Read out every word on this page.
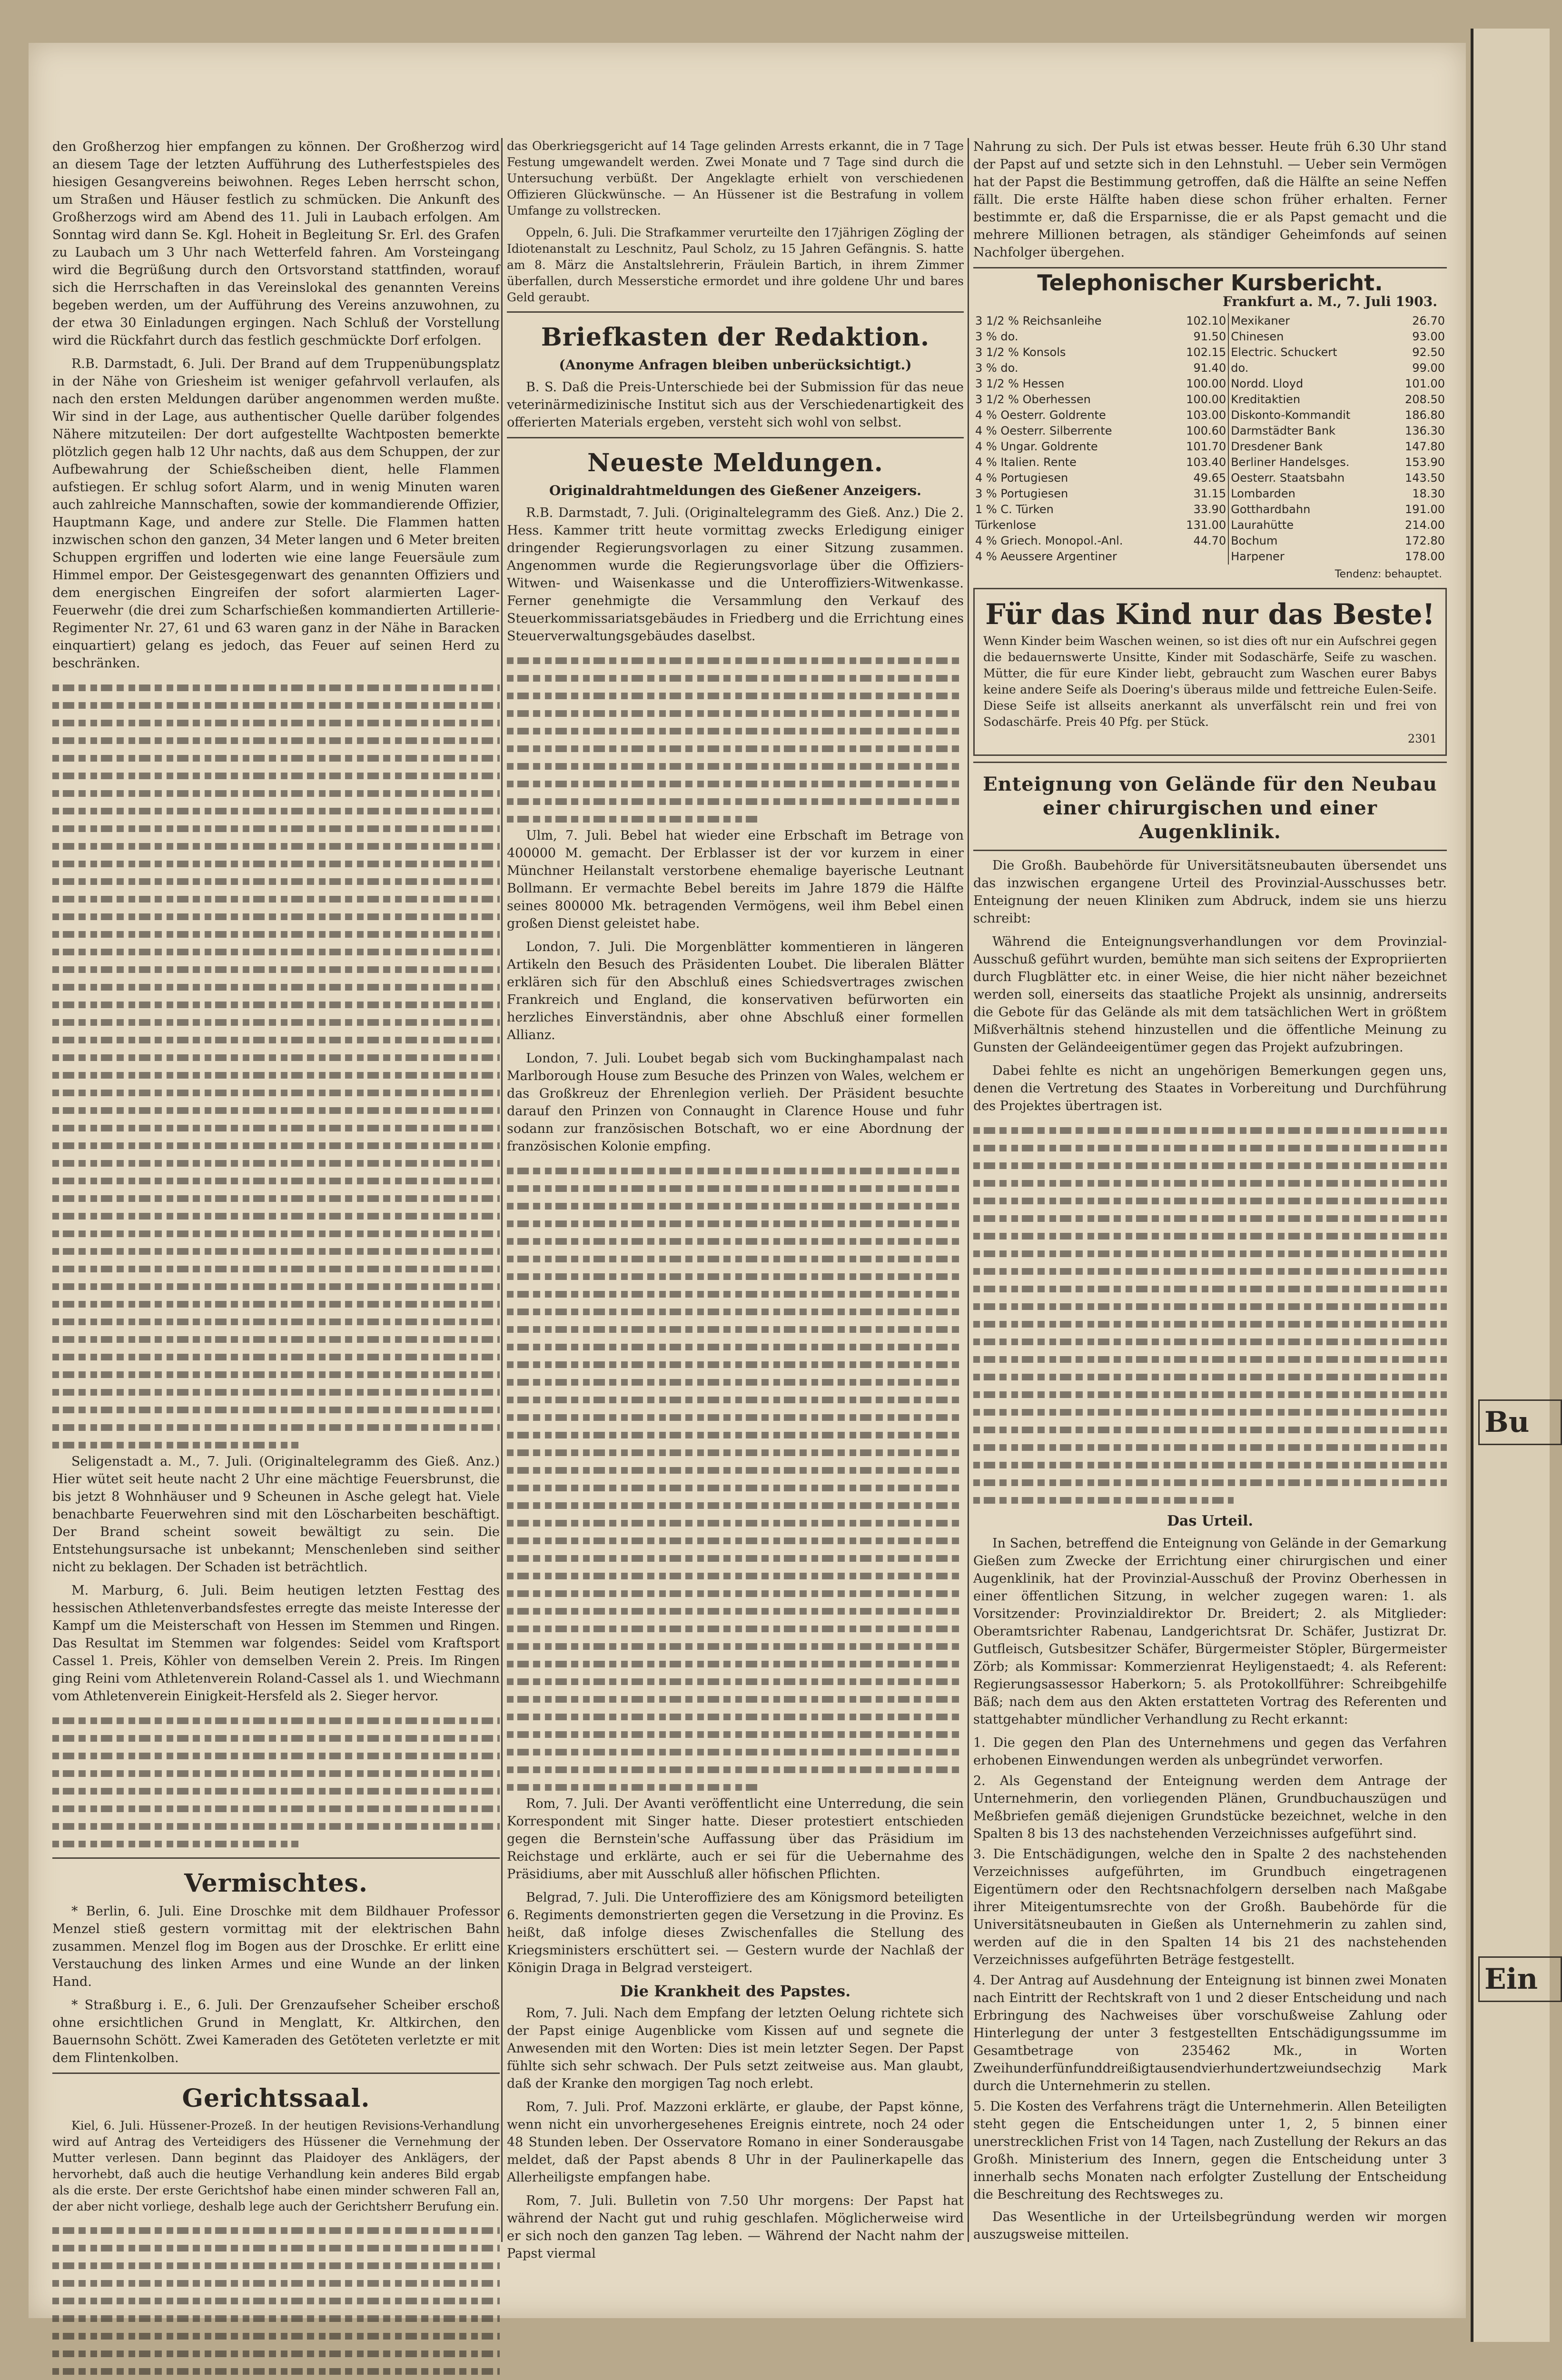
Bu
Ein

den Großherzog hier empfangen zu können. Der Großherzog wird an diesem Tage der letzten Aufführung des Lutherfestspieles des hiesigen Gesangvereins beiwohnen. Reges Leben herrscht schon, um Straßen und Häuser festlich zu schmücken. Die Ankunft des Großherzogs wird am Abend des 11. Juli in Laubach erfolgen. Am Sonntag wird dann Se. Kgl. Hoheit in Begleitung Sr. Erl. des Grafen zu Laubach um 3 Uhr nach Wetterfeld fahren. Am Vorsteingang wird die Begrüßung durch den Ortsvorstand stattfinden, worauf sich die Herrschaften in das Vereinslokal des genannten Vereins begeben werden, um der Aufführung des Vereins anzuwohnen, zu der etwa 30 Einladungen ergingen. Nach Schluß der Vorstellung wird die Rückfahrt durch das festlich geschmückte Dorf erfolgen.

R.B. Darmstadt, 6. Juli. Der Brand auf dem Truppenübungsplatz in der Nähe von Griesheim ist weniger gefahrvoll verlaufen, als nach den ersten Meldungen darüber angenommen werden mußte. Wir sind in der Lage, aus authentischer Quelle darüber folgendes Nähere mitzuteilen: Der dort aufgestellte Wachtposten bemerkte plötzlich gegen halb 12 Uhr nachts, daß aus dem Schuppen, der zur Aufbewahrung der Schießscheiben dient, helle Flammen aufstiegen. Er schlug sofort Alarm, und in wenig Minuten waren auch zahlreiche Mannschaften, sowie der kommandierende Offizier, Hauptmann Kage, und andere zur Stelle. Die Flammen hatten inzwischen schon den ganzen, 34 Meter langen und 6 Meter breiten Schuppen ergriffen und loderten wie eine lange Feuersäule zum Himmel empor. Der Geistesgegenwart des genannten Offiziers und dem energischen Eingreifen der sofort alarmierten Lager-Feuerwehr (die drei zum Scharfschießen kommandierten Artillerie-Regimenter Nr. 27, 61 und 63 waren ganz in der Nähe in Baracken einquartiert) gelang es jedoch, das Feuer auf seinen Herd zu beschränken.

Seligenstadt a. M., 7. Juli. (Originaltelegramm des Gieß. Anz.) Hier wütet seit heute nacht 2 Uhr eine mächtige Feuersbrunst, die bis jetzt 8 Wohnhäuser und 9 Scheunen in Asche gelegt hat. Viele benachbarte Feuerwehren sind mit den Löscharbeiten beschäftigt. Der Brand scheint soweit bewältigt zu sein. Die Entstehungsursache ist unbekannt; Menschenleben sind seither nicht zu beklagen. Der Schaden ist beträchtlich.

M. Marburg, 6. Juli. Beim heutigen letzten Festtag des hessischen Athletenverbandsfestes erregte das meiste Interesse der Kampf um die Meisterschaft von Hessen im Stemmen und Ringen. Das Resultat im Stemmen war folgendes: Seidel vom Kraftsport Cassel 1. Preis, Köhler von demselben Verein 2. Preis. Im Ringen ging Reini vom Athletenverein Roland-Cassel als 1. und Wiechmann vom Athletenverein Einigkeit-Hersfeld als 2. Sieger hervor.

Vermischtes.

* Berlin, 6. Juli. Eine Droschke mit dem Bildhauer Professor Menzel stieß gestern vormittag mit der elektrischen Bahn zusammen. Menzel flog im Bogen aus der Droschke. Er erlitt eine Verstauchung des linken Armes und eine Wunde an der linken Hand.

* Straßburg i. E., 6. Juli. Der Grenzaufseher Scheiber erschoß ohne ersichtlichen Grund in Menglatt, Kr. Altkirchen, den Bauernsohn Schött. Zwei Kameraden des Getöteten verletzte er mit dem Flintenkolben.

Gerichtssaal.

Kiel, 6. Juli. Hüssener-Prozeß. In der heutigen Revisions-Verhandlung wird auf Antrag des Verteidigers des Hüssener die Vernehmung der Mutter verlesen. Dann beginnt das Plaidoyer des Anklägers, der hervorhebt, daß auch die heutige Verhandlung kein anderes Bild ergab als die erste. Der erste Gerichtshof habe einen minder schweren Fall an, der aber nicht vorliege, deshalb lege auch der Gerichtsherr Berufung ein.

das Oberkriegsgericht auf 14 Tage gelinden Arrests erkannt, die in 7 Tage Festung umgewandelt werden. Zwei Monate und 7 Tage sind durch die Untersuchung verbüßt. Der Angeklagte erhielt von verschiedenen Offizieren Glückwünsche. — An Hüssener ist die Bestrafung in vollem Umfange zu vollstrecken.

Oppeln, 6. Juli. Die Strafkammer verurteilte den 17jährigen Zögling der Idiotenanstalt zu Leschnitz, Paul Scholz, zu 15 Jahren Gefängnis. S. hatte am 8. März die Anstaltslehrerin, Fräulein Bartich, in ihrem Zimmer überfallen, durch Messerstiche ermordet und ihre goldene Uhr und bares Geld geraubt.

Briefkasten der Redaktion.
(Anonyme Anfragen bleiben unberücksichtigt.)

B. S. Daß die Preis-Unterschiede bei der Submission für das neue veterinärmedizinische Institut sich aus der Verschiedenartigkeit des offerierten Materials ergeben, versteht sich wohl von selbst.

Neueste Meldungen.
Originaldrahtmeldungen des Gießener Anzeigers.

R.B. Darmstadt, 7. Juli. (Originaltelegramm des Gieß. Anz.) Die 2. Hess. Kammer tritt heute vormittag zwecks Erledigung einiger dringender Regierungsvorlagen zu einer Sitzung zusammen. Angenommen wurde die Regierungsvorlage über die Offiziers-Witwen- und Waisenkasse und die Unteroffiziers-Witwenkasse. Ferner genehmigte die Versammlung den Verkauf des Steuerkommissariatsgebäudes in Friedberg und die Errichtung eines Steuerverwaltungsgebäudes daselbst.

Ulm, 7. Juli. Bebel hat wieder eine Erbschaft im Betrage von 400000 M. gemacht. Der Erblasser ist der vor kurzem in einer Münchner Heilanstalt verstorbene ehemalige bayerische Leutnant Bollmann. Er vermachte Bebel bereits im Jahre 1879 die Hälfte seines 800000 Mk. betragenden Vermögens, weil ihm Bebel einen großen Dienst geleistet habe.

London, 7. Juli. Die Morgenblätter kommentieren in längeren Artikeln den Besuch des Präsidenten Loubet. Die liberalen Blätter erklären sich für den Abschluß eines Schiedsvertrages zwischen Frankreich und England, die konservativen befürworten ein herzliches Einverständnis, aber ohne Abschluß einer formellen Allianz.

London, 7. Juli. Loubet begab sich vom Buckinghampalast nach Marlborough House zum Besuche des Prinzen von Wales, welchem er das Großkreuz der Ehrenlegion verlieh. Der Präsident besuchte darauf den Prinzen von Connaught in Clarence House und fuhr sodann zur französischen Botschaft, wo er eine Abordnung der französischen Kolonie empfing.

Rom, 7. Juli. Der Avanti veröffentlicht eine Unterredung, die sein Korrespondent mit Singer hatte. Dieser protestiert entschieden gegen die Bernstein'sche Auffassung über das Präsidium im Reichstage und erklärte, auch er sei für die Uebernahme des Präsidiums, aber mit Ausschluß aller höfischen Pflichten.

Belgrad, 7. Juli. Die Unteroffiziere des am Königsmord beteiligten 6. Regiments demonstrierten gegen die Versetzung in die Provinz. Es heißt, daß infolge dieses Zwischenfalles die Stellung des Kriegsministers erschüttert sei. — Gestern wurde der Nachlaß der Königin Draga in Belgrad versteigert.

Die Krankheit des Papstes.

Rom, 7. Juli. Nach dem Empfang der letzten Oelung richtete sich der Papst einige Augenblicke vom Kissen auf und segnete die Anwesenden mit den Worten: Dies ist mein letzter Segen. Der Papst fühlte sich sehr schwach. Der Puls setzt zeitweise aus. Man glaubt, daß der Kranke den morgigen Tag noch erlebt.

Rom, 7. Juli. Prof. Mazzoni erklärte, er glaube, der Papst könne, wenn nicht ein unvorhergesehenes Ereignis eintrete, noch 24 oder 48 Stunden leben. Der Osservatore Romano in einer Sonderausgabe meldet, daß der Papst abends 8 Uhr in der Paulinerkapelle das Allerheiligste empfangen habe.

Rom, 7. Juli. Bulletin von 7.50 Uhr morgens: Der Papst hat während der Nacht gut und ruhig geschlafen. Möglicherweise wird er sich noch den ganzen Tag leben. — Während der Nacht nahm der Papst viermal

Nahrung zu sich. Der Puls ist etwas besser. Heute früh 6.30 Uhr stand der Papst auf und setzte sich in den Lehnstuhl. — Ueber sein Vermögen hat der Papst die Bestimmung getroffen, daß die Hälfte an seine Neffen fällt. Die erste Hälfte haben diese schon früher erhalten. Ferner bestimmte er, daß die Ersparnisse, die er als Papst gemacht und die mehrere Millionen betragen, als ständiger Geheimfonds auf seinen Nachfolger übergehen.

Telephonischer Kursbericht.
Frankfurt a. M., 7. Juli 1903.
3 1/2 % Reichsanleihe	102.10	Mexikaner	26.70
3 % do.	91.50	Chinesen	93.00
3 1/2 % Konsols	102.15	Electric. Schuckert	92.50
3 % do.	91.40	do.	99.00
3 1/2 % Hessen	100.00	Nordd. Lloyd	101.00
3 1/2 % Oberhessen	100.00	Kreditaktien	208.50
4 % Oesterr. Goldrente	103.00	Diskonto-Kommandit	186.80
4 % Oesterr. Silberrente	100.60	Darmstädter Bank	136.30
4 % Ungar. Goldrente	101.70	Dresdener Bank	147.80
4 % Italien. Rente	103.40	Berliner Handelsges.	153.90
4 % Portugiesen	49.65	Oesterr. Staatsbahn	143.50
3 % Portugiesen	31.15	Lombarden	18.30
1 % C. Türken	33.90	Gotthardbahn	191.00
Türkenlose	131.00	Laurahütte	214.00
4 % Griech. Monopol.-Anl.	44.70	Bochum	172.80
4 % Aeussere Argentiner		Harpener	178.00
Tendenz: behauptet.
Für das Kind nur das Beste!

Wenn Kinder beim Waschen weinen, so ist dies oft nur ein Aufschrei gegen die bedauernswerte Unsitte, Kinder mit Sodaschärfe, Seife zu waschen. Mütter, die für eure Kinder liebt, gebraucht zum Waschen eurer Babys keine andere Seife als Doering's überaus milde und fettreiche Eulen-Seife. Diese Seife ist allseits anerkannt als unverfälscht rein und frei von Sodaschärfe. Preis 40 Pfg. per Stück.

2301
Enteignung von Gelände für den Neubau einer chirurgischen und einer Augenklinik.

Die Großh. Baubehörde für Universitätsneubauten übersendet uns das inzwischen ergangene Urteil des Provinzial-Ausschusses betr. Enteignung der neuen Kliniken zum Abdruck, indem sie uns hierzu schreibt:

Während die Enteignungsverhandlungen vor dem Provinzial-Ausschuß geführt wurden, bemühte man sich seitens der Expropriierten durch Flugblätter etc. in einer Weise, die hier nicht näher bezeichnet werden soll, einerseits das staatliche Projekt als unsinnig, andrerseits die Gebote für das Gelände als mit dem tatsächlichen Wert in größtem Mißverhältnis stehend hinzustellen und die öffentliche Meinung zu Gunsten der Geländeeigentümer gegen das Projekt aufzubringen.

Dabei fehlte es nicht an ungehörigen Bemerkungen gegen uns, denen die Vertretung des Staates in Vorbereitung und Durchführung des Projektes übertragen ist.

Das Urteil.

In Sachen, betreffend die Enteignung von Gelände in der Gemarkung Gießen zum Zwecke der Errichtung einer chirurgischen und einer Augenklinik, hat der Provinzial-Ausschuß der Provinz Oberhessen in einer öffentlichen Sitzung, in welcher zugegen waren: 1. als Vorsitzender: Provinzialdirektor Dr. Breidert; 2. als Mitglieder: Oberamtsrichter Rabenau, Landgerichtsrat Dr. Schäfer, Justizrat Dr. Gutfleisch, Gutsbesitzer Schäfer, Bürgermeister Stöpler, Bürgermeister Zörb; als Kommissar: Kommerzienrat Heyligenstaedt; 4. als Referent: Regierungsassessor Haberkorn; 5. als Protokollführer: Schreibgehilfe Bäß; nach dem aus den Akten erstatteten Vortrag des Referenten und stattgehabter mündlicher Verhandlung zu Recht erkannt:

1. Die gegen den Plan des Unternehmens und gegen das Verfahren erhobenen Einwendungen werden als unbegründet verworfen.
2. Als Gegenstand der Enteignung werden dem Antrage der Unternehmerin, den vorliegenden Plänen, Grundbuchauszügen und Meßbriefen gemäß diejenigen Grundstücke bezeichnet, welche in den Spalten 8 bis 13 des nachstehenden Verzeichnisses aufgeführt sind.
3. Die Entschädigungen, welche den in Spalte 2 des nachstehenden Verzeichnisses aufgeführten, im Grundbuch eingetragenen Eigentümern oder den Rechtsnachfolgern derselben nach Maßgabe ihrer Miteigentumsrechte von der Großh. Baubehörde für die Universitätsneubauten in Gießen als Unternehmerin zu zahlen sind, werden auf die in den Spalten 14 bis 21 des nachstehenden Verzeichnisses aufgeführten Beträge festgestellt.
4. Der Antrag auf Ausdehnung der Enteignung ist binnen zwei Monaten nach Eintritt der Rechtskraft von 1 und 2 dieser Entscheidung und nach Erbringung des Nachweises über vorschußweise Zahlung oder Hinterlegung der unter 3 festgestellten Entschädigungssumme im Gesamtbetrage von 235462 Mk., in Worten Zweihunderfünfunddreißigtausendvierhundertzweiundsechzig Mark durch die Unternehmerin zu stellen.
5. Die Kosten des Verfahrens trägt die Unternehmerin. Allen Beteiligten steht gegen die Entscheidungen unter 1, 2, 5 binnen einer unerstrecklichen Frist von 14 Tagen, nach Zustellung der Rekurs an das Großh. Ministerium des Innern, gegen die Entscheidung unter 3 innerhalb sechs Monaten nach erfolgter Zustellung der Entscheidung die Beschreitung des Rechtsweges zu.

Das Wesentliche in der Urteilsbegründung werden wir morgen auszugsweise mitteilen.
